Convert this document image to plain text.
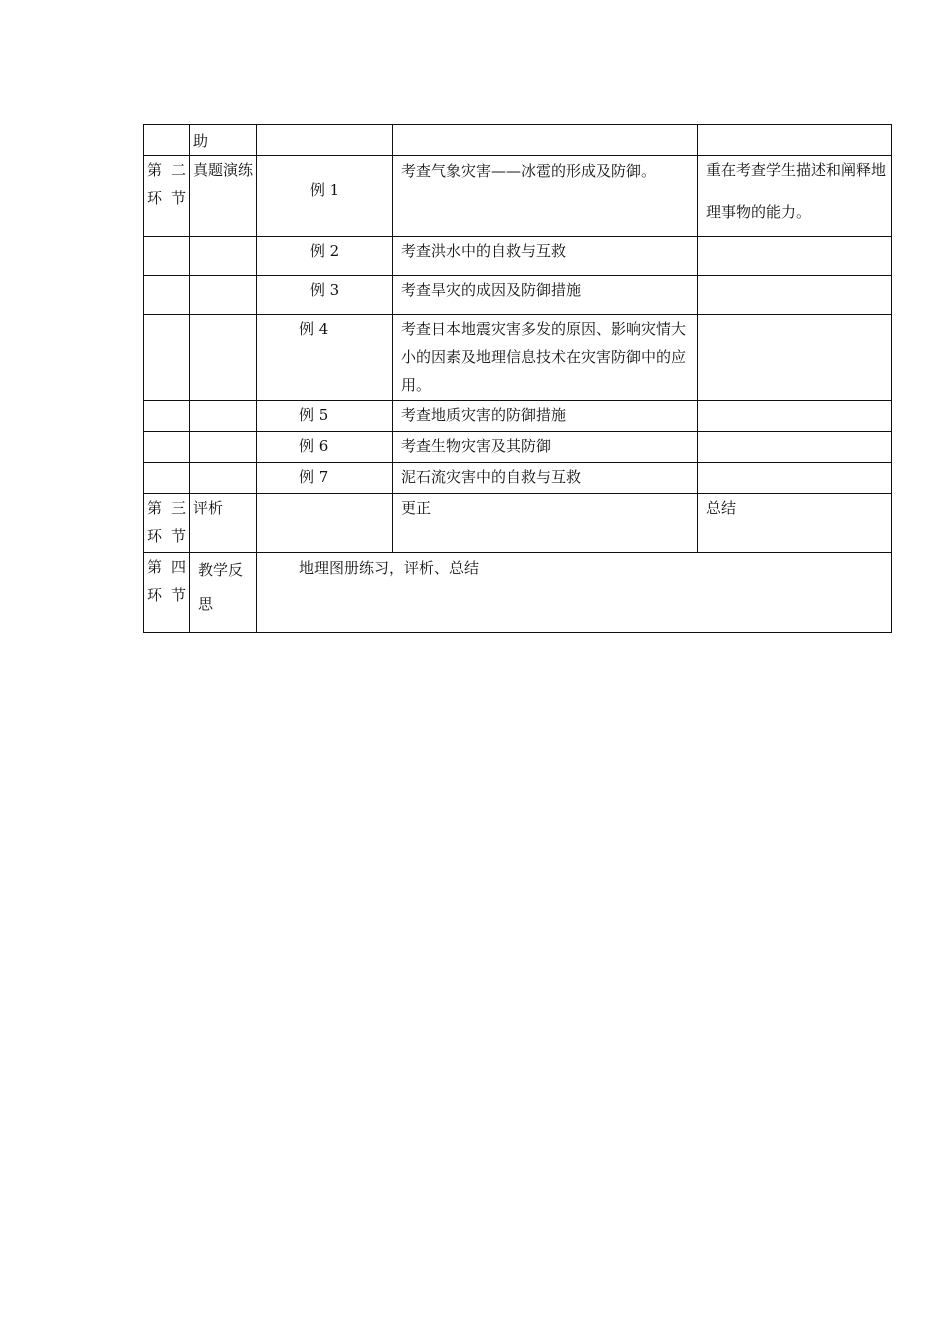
	助			

第 二 环节	真题演练	例 1	考查气象灾害——冰雹的形成及防御。	重在考查学生描述和阐释地理事物的能力。

		例 2	考查洪水中的自救与互救	
		例 3	考查旱灾的成因及防御措施	
		例 4	考查日本地震灾害多发的原因、影响灾情大小的因素及地理信息技术在灾害防御中的应用。	
		例 5	考查地质灾害的防御措施	
		例 6	考查生物灾害及其防御	
		例 7	泥石流灾害中的自救与互救	

第 三 环节	评析		更正	总结

第 四 环节	教学反思	地理图册练习，评析、总结		
